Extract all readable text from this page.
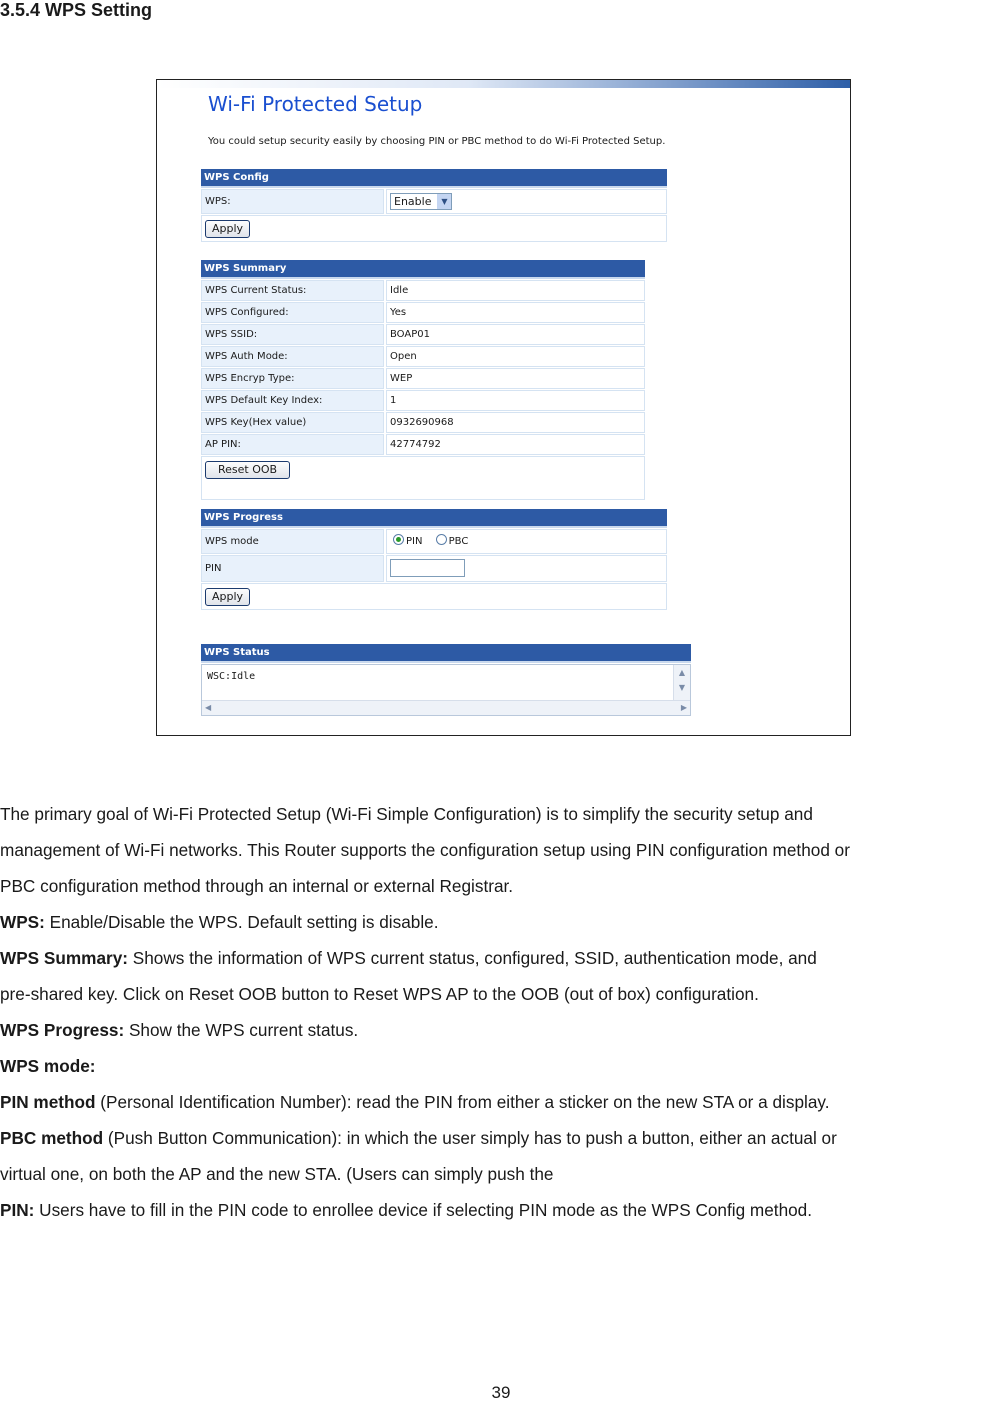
3.5.4 WPS Setting
Wi-Fi Protected Setup
You could setup security easily by choosing PIN or PBC method to do Wi-Fi Protected Setup.
WPS Config
WPS:	Enable	▼
Apply
WPS Summary
WPS Current Status:	Idle
WPS Configured:	Yes
WPS SSID:	BOAP01
WPS Auth Mode:	Open
WPS Encryp Type:	WEP
WPS Default Key Index:	1
WPS Key(Hex value)	0932690968
AP PIN:	42774792
Reset OOB
WPS Progress
WPS mode	PIN	PBC
PIN
Apply
WPS Status
WSC:Idle	▲
▼
◀	▶

The primary goal of Wi-Fi Protected Setup (Wi-Fi Simple Configuration) is to simplify the security setup and

management of Wi-Fi networks. This Router supports the configuration setup using PIN configuration method or

PBC configuration method through an internal or external Registrar.

WPS: Enable/Disable the WPS. Default setting is disable.

WPS Summary: Shows the information of WPS current status, configured, SSID, authentication mode, and

pre-shared key. Click on Reset OOB button to Reset WPS AP to the OOB (out of box) configuration.

WPS Progress: Show the WPS current status.

WPS mode:

PIN method (Personal Identification Number): read the PIN from either a sticker on the new STA or a display.

PBC method (Push Button Communication): in which the user simply has to push a button, either an actual or

virtual one, on both the AP and the new STA. (Users can simply push the

PIN: Users have to fill in the PIN code to enrollee device if selecting PIN mode as the WPS Config method.

39
